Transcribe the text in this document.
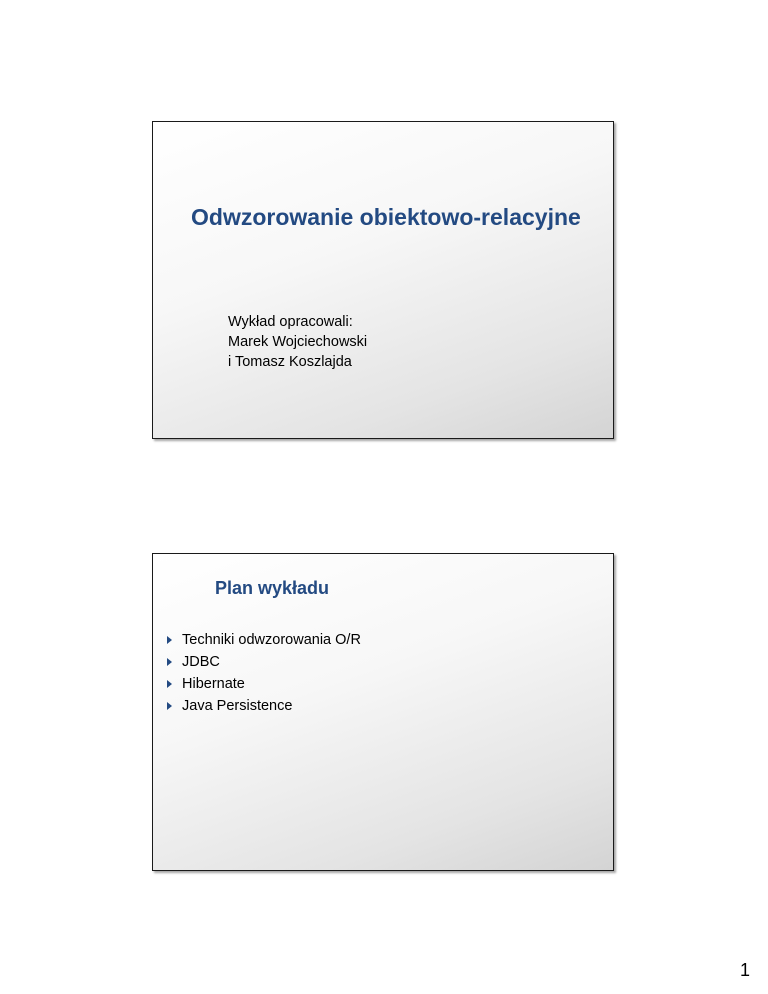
Odwzorowanie obiektowo-relacyjne
Wykład opracowali:
Marek Wojciechowski
i Tomasz Koszlajda
Plan wykładu
Techniki odwzorowania O/R
JDBC
Hibernate
Java Persistence
1
